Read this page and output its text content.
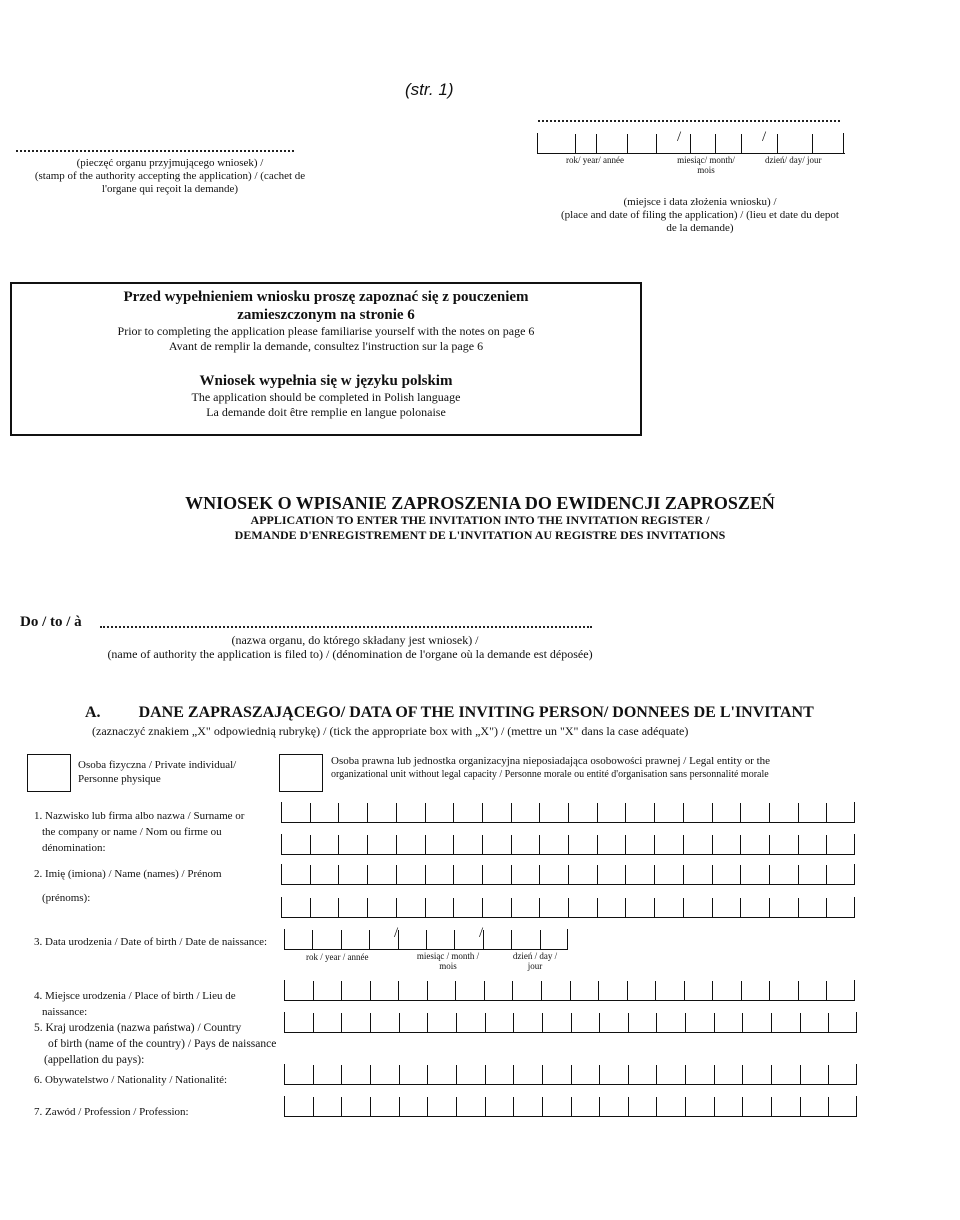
(str. 1)
(pieczęć organu przyjmującego wniosek) /
(stamp of the authority accepting the application) / (cachet de
l'organe qui reçoit la demande)
/	/
rok/ year/ année	miesiąc/ month/
mois
dzień/ day/ jour
(miejsce i data złożenia wniosku) /
(place and date of filing the application) / (lieu et date du depot
de la demande)
Przed wypełnieniem wniosku proszę zapoznać się z pouczeniem
zamieszczonym na stronie 6
Prior to completing the application please familiarise yourself with the notes on page 6
Avant de remplir la demande, consultez l'instruction sur la page 6
Wniosek wypełnia się w języku polskim
The application should be completed in Polish language
La demande doit être remplie en langue polonaise
WNIOSEK O WPISANIE ZAPROSZENIA DO EWIDENCJI ZAPROSZEŃ
APPLICATION TO ENTER THE INVITATION INTO THE INVITATION REGISTER /
DEMANDE D'ENREGISTREMENT DE L'INVITATION AU REGISTRE DES INVITATIONS
Do / to / à
(nazwa organu, do którego składany jest wniosek) /
(name of authority the application is filed to) / (dénomination de l'organe où la demande est déposée)
A. DANE ZAPRASZAJĄCEGO/ DATA OF THE INVITING PERSON/ DONNEES DE L'INVITANT
(zaznaczyć znakiem „X" odpowiednią rubrykę) / (tick the appropriate box with „X") / (mettre un "X" dans la case adéquate)
Osoba fizyczna / Private individual/
Personne physique
Osoba prawna lub jednostka organizacyjna nieposiadająca osobowości prawnej / Legal entity or the
organizational unit without legal capacity / Personne morale ou entité d'organisation sans personnalité morale
1. Nazwisko lub firma albo nazwa / Surname or
the company or name / Nom ou firme ou
dénomination:
2. Imię (imiona) / Name (names) / Prénom
(prénoms):
3. Data urodzenia / Date of birth / Date de naissance:
rok / year / année	miesiąc / month /
mois
dzień / day /
jour
4. Miejsce urodzenia / Place of birth / Lieu de
naissance:
5. Kraj urodzenia (nazwa państwa) / Country
of birth (name of the country) / Pays de naissance
(appellation du pays):
6. Obywatelstwo / Nationality / Nationalité:
7. Zawód / Profession / Profession:
/	/
